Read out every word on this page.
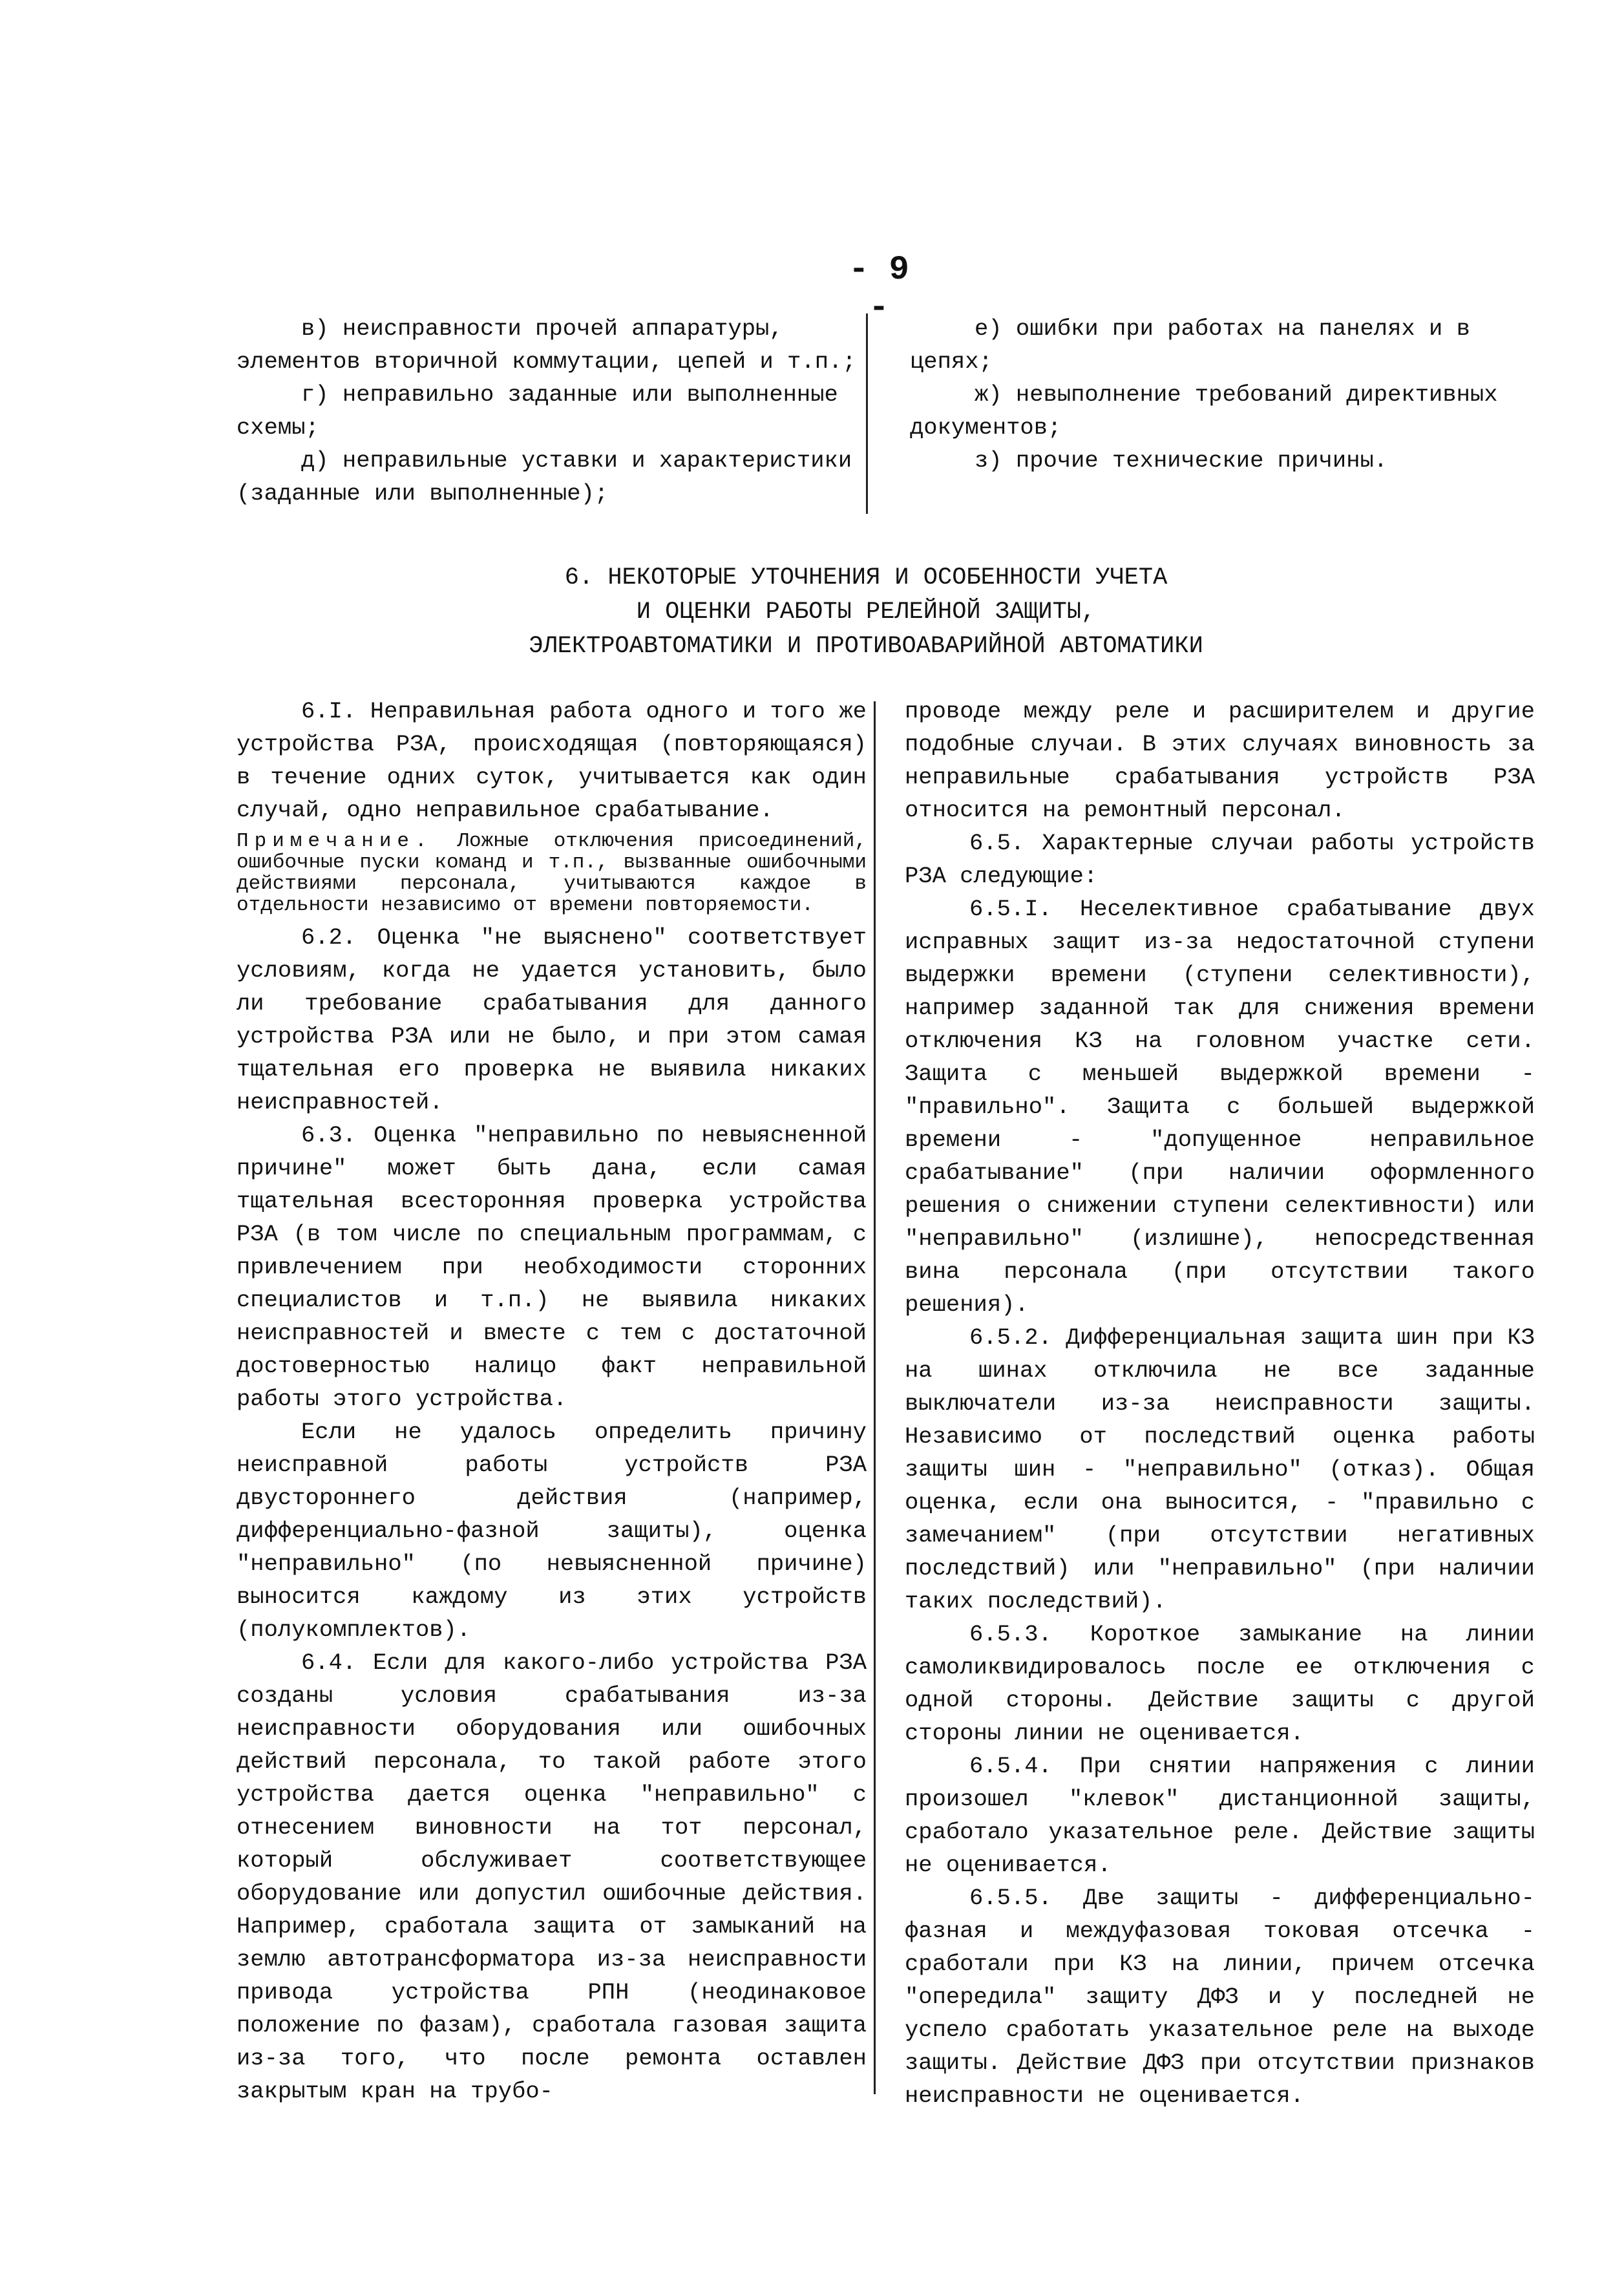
- 9 -

в) неисправности прочей аппаратуры, элементов вторичной коммутации, цепей и т.п.;

г) неправильно заданные или выполненные схемы;

д) неправильные уставки и характеристики (заданные или выполненные);

е) ошибки при работах на панелях и в цепях;

ж) невыполнение требований директивных документов;

з) прочие технические причины.

6. НЕКОТОРЫЕ УТОЧНЕНИЯ И ОСОБЕННОСТИ УЧЕТА
И ОЦЕНКИ РАБОТЫ РЕЛЕЙНОЙ ЗАЩИТЫ,
ЭЛЕКТРОАВТОМАТИКИ И ПРОТИВОАВАРИЙНОЙ АВТОМАТИКИ

6.I. Неправильная работа одного и того же устройства РЗА, происходящая (повторяющаяся) в течение одних суток, учитывается как один случай, одно неправильное срабатывание.

Примечание. Ложные отключения присоединений, ошибочные пуски команд и т.п., вызванные ошибочными действиями персонала, учитываются каждое в отдельности независимо от времени повторяемости.

6.2. Оценка "не выяснено" соответствует условиям, когда не удается установить, было ли требование срабатывания для данного устройства РЗА или не было, и при этом самая тщательная его проверка не выявила никаких неисправностей.

6.3. Оценка "неправильно по невыясненной причине" может быть дана, если самая тщательная всесторонняя проверка устройства РЗА (в том числе по специальным программам, с привлечением при необходимости сторонних специалистов и т.п.) не выявила никаких неисправностей и вместе с тем с достаточной достоверностью налицо факт неправильной работы этого устройства.

Если не удалось определить причину неисправной работы устройств РЗА двустороннего действия (например, дифференциально-фазной защиты), оценка "неправильно" (по невыясненной причине) выносится каждому из этих устройств (полукомплектов).

6.4. Если для какого-либо устройства РЗА созданы условия срабатывания из-за неисправности оборудования или ошибочных действий персонала, то такой работе этого устройства дается оценка "неправильно" с отнесением виновности на тот персонал, который обслуживает соответствующее оборудование или допустил ошибочные действия. Например, сработала защита от замыканий на землю автотрансформатора из-за неисправности привода устройства РПН (неодинаковое положение по фазам), сработала газовая защита из-за того, что после ремонта оставлен закрытым кран на трубо-

проводе между реле и расширителем и другие подобные случаи. В этих случаях виновность за неправильные срабатывания устройств РЗА относится на ремонтный персонал.

6.5. Характерные случаи работы устройств РЗА следующие:

6.5.I. Неселективное срабатывание двух исправных защит из-за недостаточной ступени выдержки времени (ступени селективности), например заданной так для снижения времени отключения КЗ на головном участке сети. Защита с меньшей выдержкой времени - "правильно". Защита с большей выдержкой времени - "допущенное неправильное срабатывание" (при наличии оформленного решения о снижении ступени селективности) или "неправильно" (излишне), непосредственная вина персонала (при отсутствии такого решения).

6.5.2. Дифференциальная защита шин при КЗ на шинах отключила не все заданные выключатели из-за неисправности защиты. Независимо от последствий оценка работы защиты шин - "неправильно" (отказ). Общая оценка, если она выносится, - "правильно с замечанием" (при отсутствии негативных последствий) или "неправильно" (при наличии таких последствий).

6.5.3. Короткое замыкание на линии самоликвидировалось после ее отключения с одной стороны. Действие защиты с другой стороны линии не оценивается.

6.5.4. При снятии напряжения с линии произошел "клевок" дистанционной защиты, сработало указательное реле. Действие защиты не оценивается.

6.5.5. Две защиты - дифференциально-фазная и междуфазовая токовая отсечка - сработали при КЗ на линии, причем отсечка "опередила" защиту ДФЗ и у последней не успело сработать указательное реле на выходе защиты. Действие ДФЗ при отсутствии признаков неисправности не оценивается.
